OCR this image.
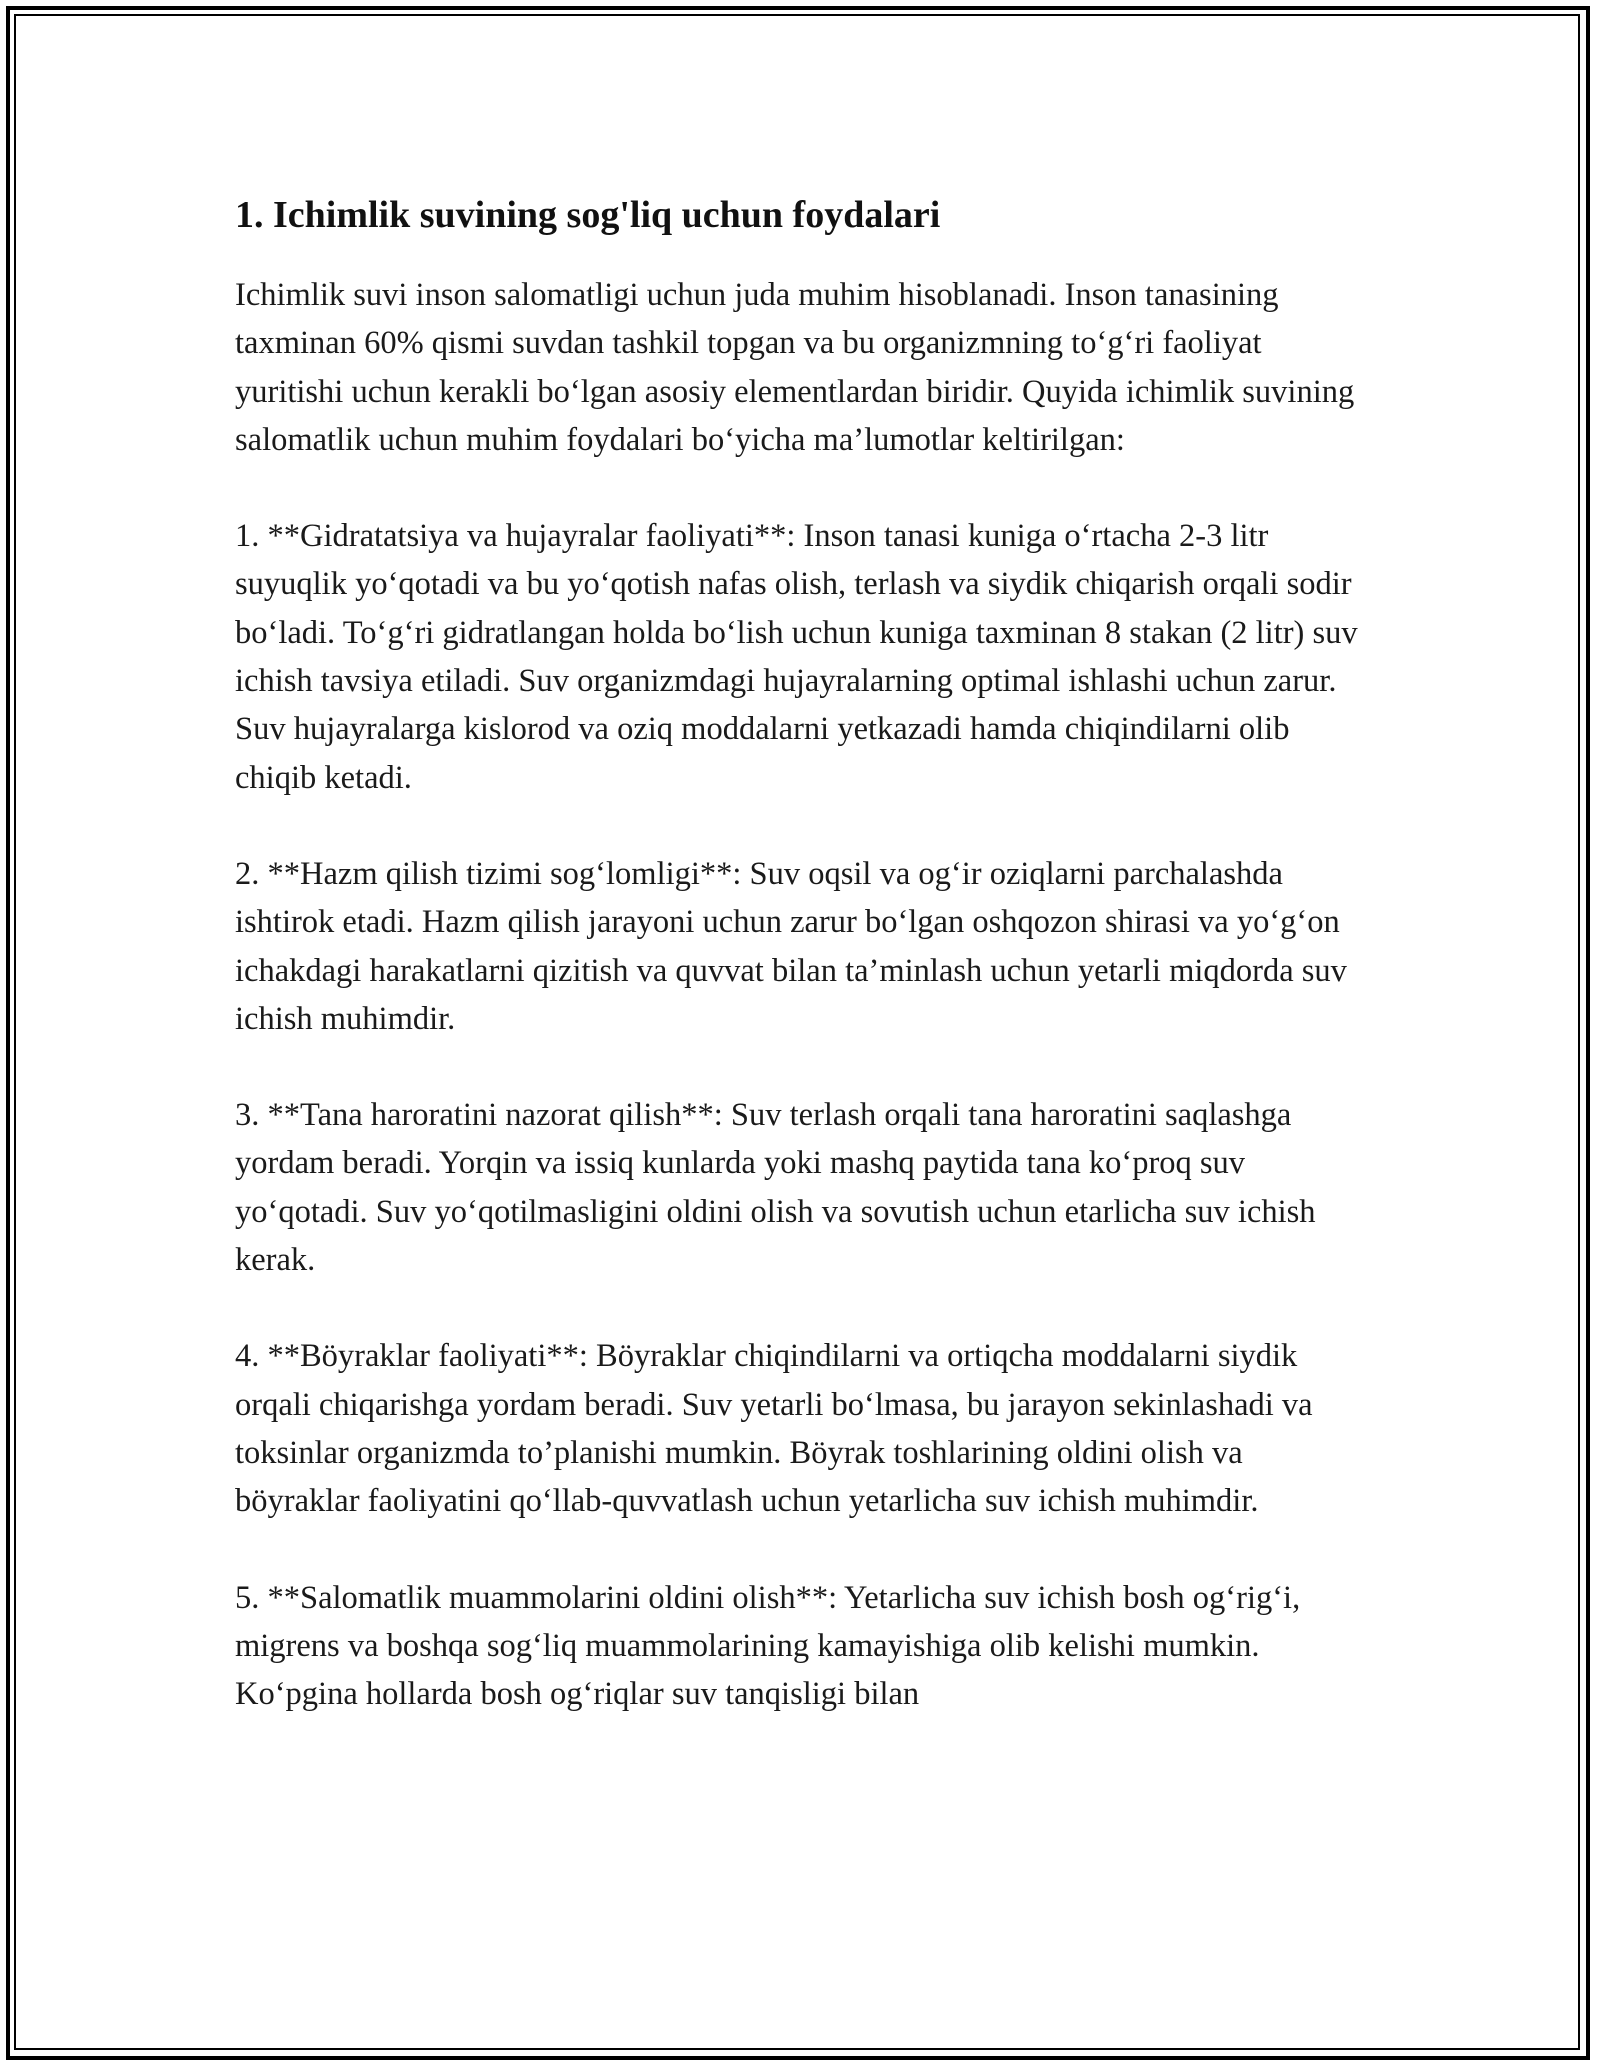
1. Ichimlik suvining sog'liq uchun foydalari

Ichimlik suvi inson salomatligi uchun juda muhim hisoblanadi. Inson tanasining taxminan 60% qismi suvdan tashkil topgan va bu organizmning to‘g‘ri faoliyat yuritishi uchun kerakli bo‘lgan asosiy elementlardan biridir. Quyida ichimlik suvining salomatlik uchun muhim foydalari bo‘yicha ma’lumotlar keltirilgan:

1. **Gidratatsiya va hujayralar faoliyati**: Inson tanasi kuniga o‘rtacha 2-3 litr suyuqlik yo‘qotadi va bu yo‘qotish nafas olish, terlash va siydik chiqarish orqali sodir bo‘ladi. To‘g‘ri gidratlangan holda bo‘lish uchun kuniga taxminan 8 stakan (2 litr) suv ichish tavsiya etiladi. Suv organizmdagi hujayralarning optimal ishlashi uchun zarur. Suv hujayralarga kislorod va oziq moddalarni yetkazadi hamda chiqindilarni olib chiqib ketadi.

2. **Hazm qilish tizimi sog‘lomligi**: Suv oqsil va og‘ir oziqlarni parchalashda ishtirok etadi. Hazm qilish jarayoni uchun zarur bo‘lgan oshqozon shirasi va yo‘g‘on ichakdagi harakatlarni qizitish va quvvat bilan ta’minlash uchun yetarli miqdorda suv ichish muhimdir.

3. **Tana haroratini nazorat qilish**: Suv terlash orqali tana haroratini saqlashga yordam beradi. Yorqin va issiq kunlarda yoki mashq paytida tana ko‘proq suv yo‘qotadi. Suv yo‘qotilmasligini oldini olish va sovutish uchun etarlicha suv ichish kerak.

4. **Böyraklar faoliyati**: Böyraklar chiqindilarni va ortiqcha moddalarni siydik orqali chiqarishga yordam beradi. Suv yetarli bo‘lmasa, bu jarayon sekinlashadi va toksinlar organizmda to’planishi mumkin. Böyrak toshlarining oldini olish va böyraklar faoliyatini qo‘llab-quvvatlash uchun yetarlicha suv ichish muhimdir.

5. **Salomatlik muammolarini oldini olish**: Yetarlicha suv ichish bosh og‘rig‘i, migrens va boshqa sog‘liq muammolarining kamayishiga olib kelishi mumkin. Ko‘pgina hollarda bosh og‘riqlar suv tanqisligi bilan
